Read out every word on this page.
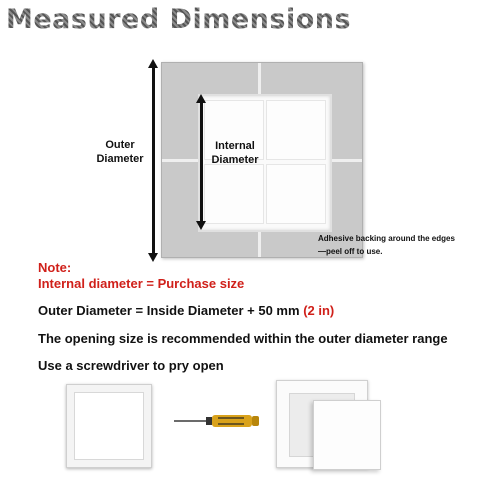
Measured Dimensions
Outer
Diameter
Internal
Diameter
Adhesive backing around the edges
—peel off to use.
Note:
Internal diameter = Purchase size
Outer Diameter = Inside Diameter + 50 mm (2 in)
The opening size is recommended within the outer diameter range
Use a screwdriver to pry open
